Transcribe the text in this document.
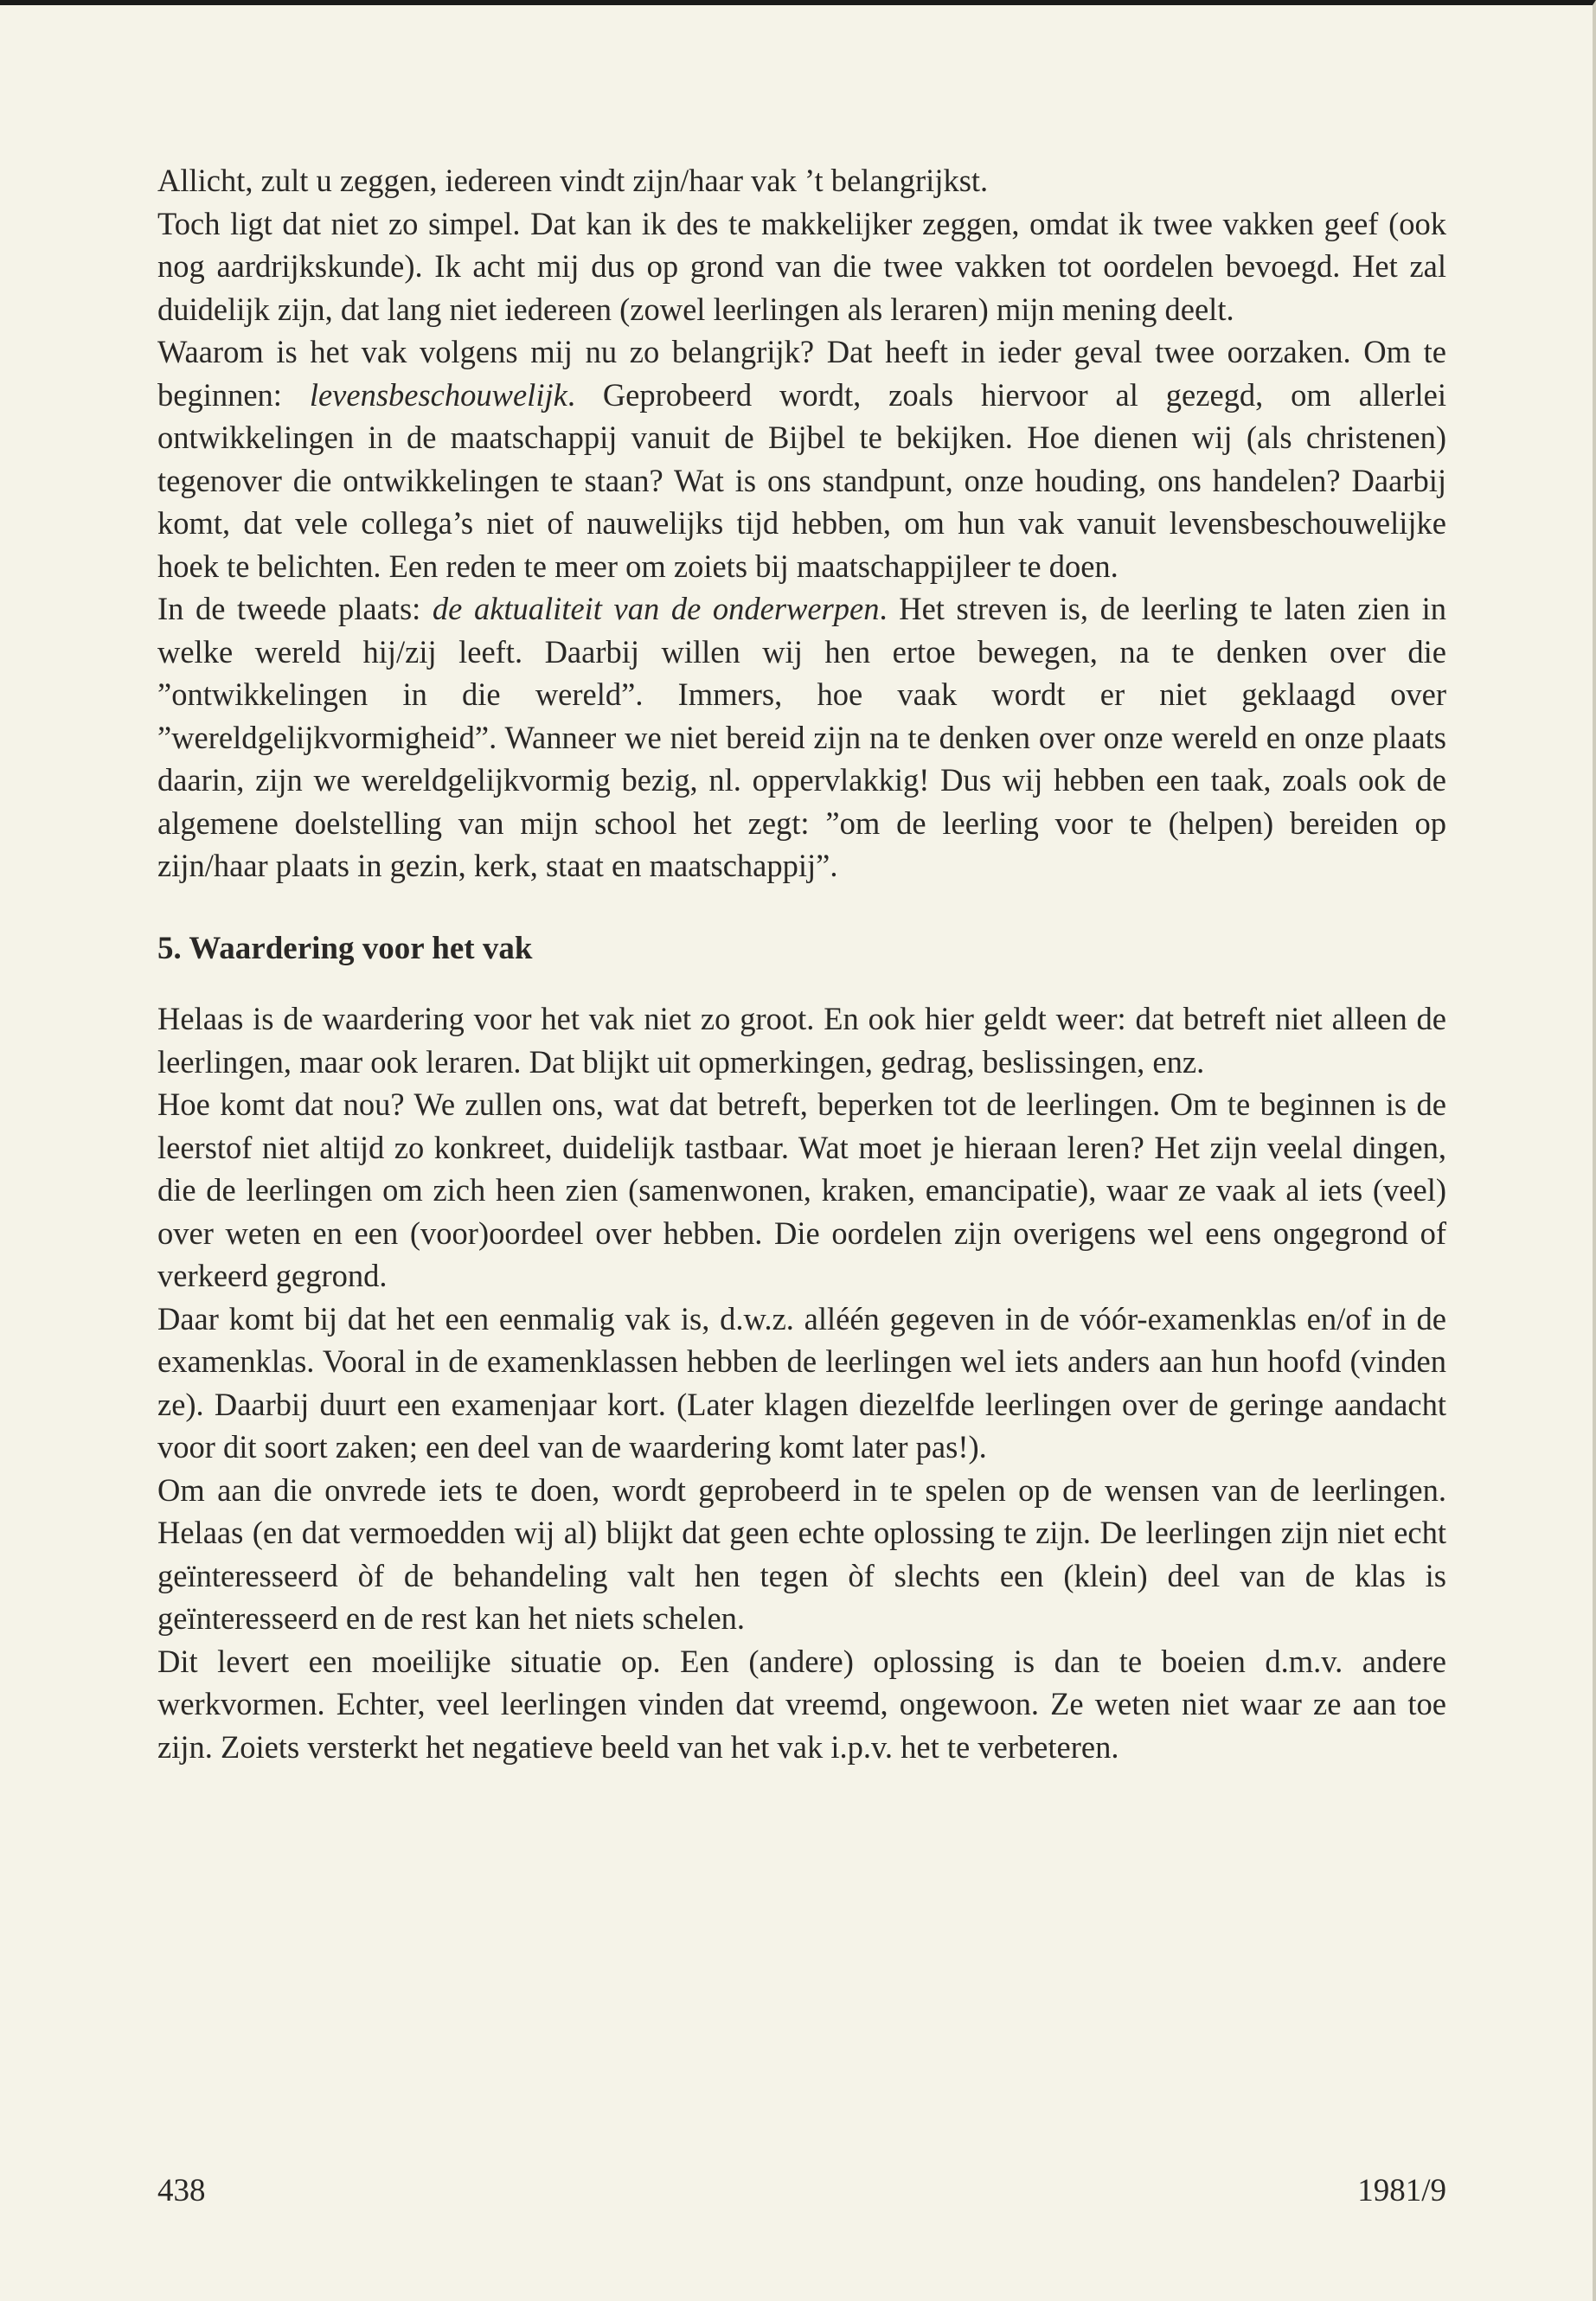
Allicht, zult u zeggen, iedereen vindt zijn/haar vak ’t belangrijkst.

Toch ligt dat niet zo simpel. Dat kan ik des te makkelijker zeggen, omdat ik twee vakken geef (ook nog aardrijkskunde). Ik acht mij dus op grond van die twee vakken tot oordelen bevoegd. Het zal duidelijk zijn, dat lang niet iedereen (zowel leerlingen als leraren) mijn mening deelt.

Waarom is het vak volgens mij nu zo belangrijk? Dat heeft in ieder geval twee oorzaken. Om te beginnen: levensbeschouwelijk. Geprobeerd wordt, zoals hiervoor al gezegd, om allerlei ontwikkelingen in de maatschappij vanuit de Bijbel te bekijken. Hoe dienen wij (als christenen) tegenover die ontwikkelingen te staan? Wat is ons standpunt, onze houding, ons handelen? Daarbij komt, dat vele collega’s niet of nauwelijks tijd hebben, om hun vak vanuit levensbeschouwelijke hoek te belichten. Een reden te meer om zoiets bij maatschappijleer te doen.

In de tweede plaats: de aktualiteit van de onderwerpen. Het streven is, de leerling te laten zien in welke wereld hij/zij leeft. Daarbij willen wij hen ertoe bewegen, na te denken over die ”ontwikkelingen in die wereld”. Immers, hoe vaak wordt er niet geklaagd over ”wereldgelijkvormigheid”. Wanneer we niet bereid zijn na te denken over onze wereld en onze plaats daarin, zijn we wereldgelijkvormig bezig, nl. oppervlakkig! Dus wij hebben een taak, zoals ook de algemene doelstelling van mijn school het zegt: ”om de leerling voor te (helpen) bereiden op zijn/haar plaats in gezin, kerk, staat en maatschappij”.

5. Waardering voor het vak

Helaas is de waardering voor het vak niet zo groot. En ook hier geldt weer: dat betreft niet alleen de leerlingen, maar ook leraren. Dat blijkt uit opmerkingen, gedrag, beslissingen, enz.

Hoe komt dat nou? We zullen ons, wat dat betreft, beperken tot de leerlingen. Om te beginnen is de leerstof niet altijd zo konkreet, duidelijk tastbaar. Wat moet je hieraan leren? Het zijn veelal dingen, die de leerlingen om zich heen zien (samenwonen, kraken, emancipatie), waar ze vaak al iets (veel) over weten en een (voor)oordeel over hebben. Die oordelen zijn overigens wel eens ongegrond of verkeerd gegrond.

Daar komt bij dat het een eenmalig vak is, d.w.z. alléén gegeven in de vóór-examenklas en/of in de examenklas. Vooral in de examenklassen hebben de leerlingen wel iets anders aan hun hoofd (vinden ze). Daarbij duurt een examenjaar kort. (Later klagen diezelfde leerlingen over de geringe aandacht voor dit soort zaken; een deel van de waardering komt later pas!).

Om aan die onvrede iets te doen, wordt geprobeerd in te spelen op de wensen van de leerlingen. Helaas (en dat vermoedden wij al) blijkt dat geen echte oplossing te zijn. De leerlingen zijn niet echt geïnteresseerd òf de behandeling valt hen tegen òf slechts een (klein) deel van de klas is geïnteresseerd en de rest kan het niets schelen.

Dit levert een moeilijke situatie op. Een (andere) oplossing is dan te boeien d.m.v. andere werkvormen. Echter, veel leerlingen vinden dat vreemd, ongewoon. Ze weten niet waar ze aan toe zijn. Zoiets versterkt het negatieve beeld van het vak i.p.v. het te verbeteren.

438	1981/9
